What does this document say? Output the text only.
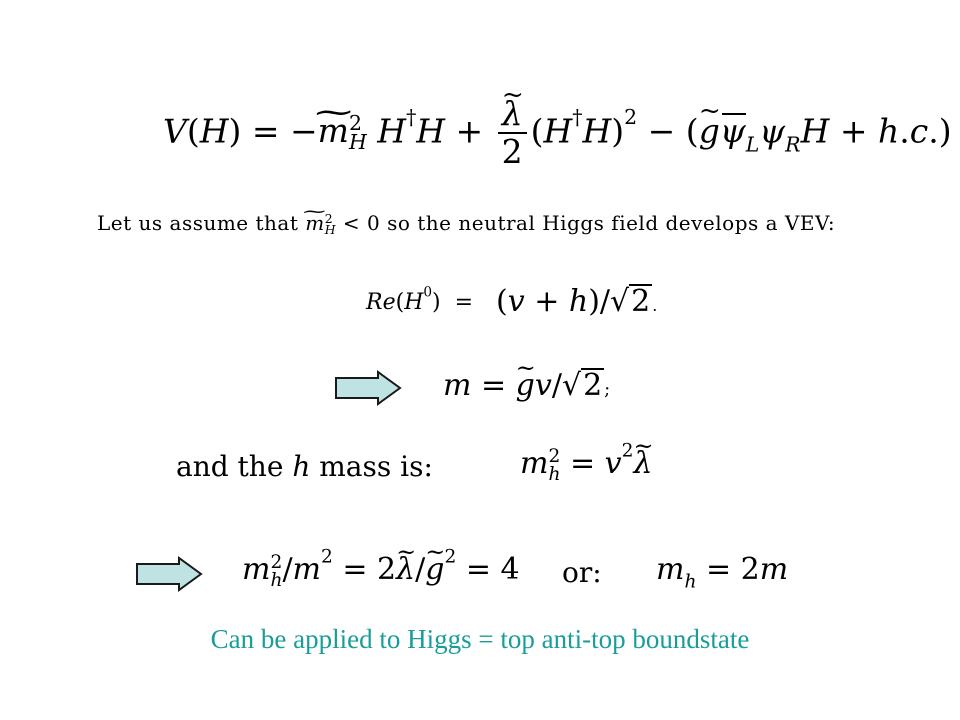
V(H) = −~ m 2
H H†H +
~ $\frac{\lambda}{2} (H^\dagger H)^2$ − (~ $g\psi_L\psi_RH + h.c$.)
Let us assume that ~ m 2
H < 0 so the neutral Higgs field develops a VEV:
$Re(H^0) = (v + h)/√2$ .
m = ~ gv/√2 ;
and the h mass is:	m 2
$h = v^2\sim$ λ
m 2
h $/m^2$ = 2~ λ/~ $g^2 = 4$ or: $m_h = 2m$
Can be applied to Higgs = top anti-top boundstate
